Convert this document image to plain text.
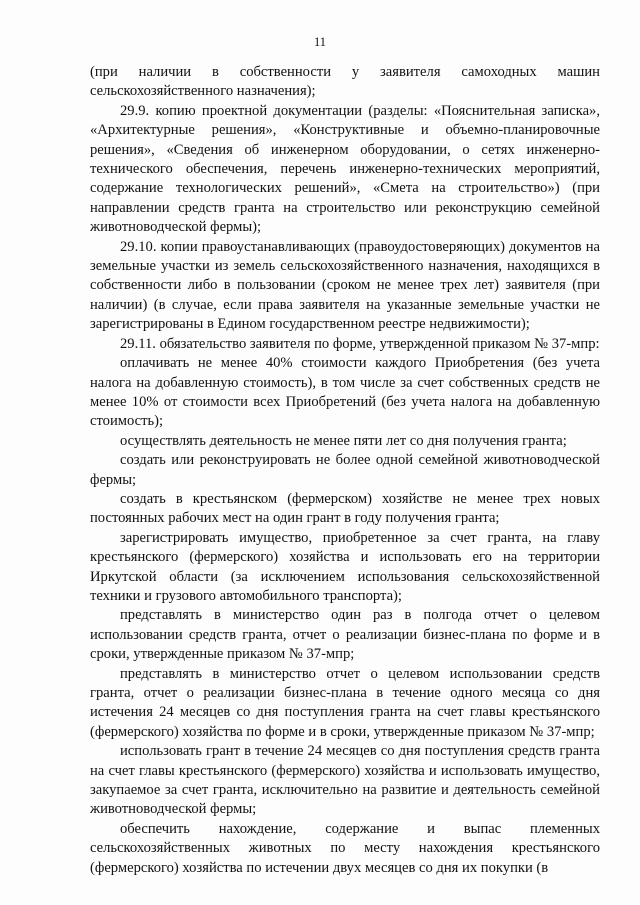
11

(при наличии в собственности у заявителя самоходных машин сельскохозяйственного назначения);

29.9. копию проектной документации (разделы: «Пояснительная записка», «Архитектурные решения», «Конструктивные и объемно-планировочные решения», «Сведения об инженерном оборудовании, о сетях инженерно-технического обеспечения, перечень инженерно-технических мероприятий, содержание технологических решений», «Смета на строительство») (при направлении средств гранта на строительство или реконструкцию семейной животноводческой фермы);

29.10. копии правоустанавливающих (правоудостоверяющих) документов на земельные участки из земель сельскохозяйственного назначения, находящихся в собственности либо в пользовании (сроком не менее трех лет) заявителя (при наличии) (в случае, если права заявителя на указанные земельные участки не зарегистрированы в Едином государственном реестре недвижимости);

29.11. обязательство заявителя по форме, утвержденной приказом № 37-мпр:

оплачивать не менее 40% стоимости каждого Приобретения (без учета налога на добавленную стоимость), в том числе за счет собственных средств не менее 10% от стоимости всех Приобретений (без учета налога на добавленную стоимость);

осуществлять деятельность не менее пяти лет со дня получения гранта;

создать или реконструировать не более одной семейной животноводческой фермы;

создать в крестьянском (фермерском) хозяйстве не менее трех новых постоянных рабочих мест на один грант в году получения гранта;

зарегистрировать имущество, приобретенное за счет гранта, на главу крестьянского (фермерского) хозяйства и использовать его на территории Иркутской области (за исключением использования сельскохозяйственной техники и грузового автомобильного транспорта);

представлять в министерство один раз в полгода отчет о целевом использовании средств гранта, отчет о реализации бизнес-плана по форме и в сроки, утвержденные приказом № 37-мпр;

представлять в министерство отчет о целевом использовании средств гранта, отчет о реализации бизнес-плана в течение одного месяца со дня истечения 24 месяцев со дня поступления гранта на счет главы крестьянского (фермерского) хозяйства по форме и в сроки, утвержденные приказом № 37-мпр;

использовать грант в течение 24 месяцев со дня поступления средств гранта на счет главы крестьянского (фермерского) хозяйства и использовать имущество, закупаемое за счет гранта, исключительно на развитие и деятельность семейной животноводческой фермы;

обеспечить нахождение, содержание и выпас племенных сельскохозяйственных животных по месту нахождения крестьянского (фермерского) хозяйства по истечении двух месяцев со дня их покупки (в
